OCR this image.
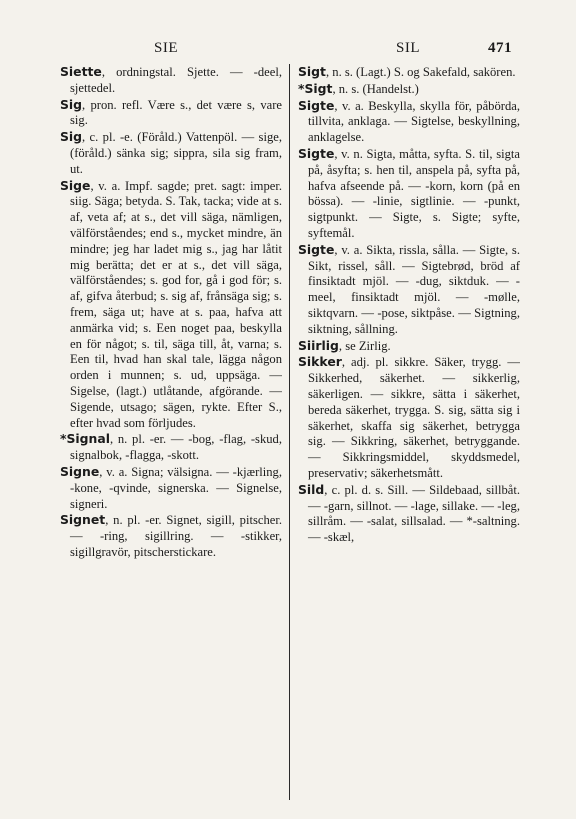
SIE	SIL	471

Siette, ordningstal. Sjette. — -deel, sjettedel.

Sig, pron. refl. Være s., det være s, vare sig.

Sig, c. pl. -e. (Föråld.) Vattenpöl. — sige, (föråld.) sänka sig; sippra, sila sig fram, ut.

Sige, v. a. Impf. sagde; pret. sagt: imper. siig. Säga; betyda. S. Tak, tacka; vide at s. af, veta af; at s., det vill säga, nämligen, välförståendes; end s., mycket mindre, än mindre; jeg har ladet mig s., jag har låtit mig berätta; det er at s., det vill säga, välförståendes; s. god for, gå i god för; s. af, gifva återbud; s. sig af, frånsäga sig; s. frem, säga ut; have at s. paa, hafva att anmärka vid; s. Een noget paa, beskylla en för något; s. til, säga till, åt, varna; s. Een til, hvad han skal tale, lägga någon orden i munnen; s. ud, uppsäga. — Sigelse, (lagt.) utlåtande, afgörande. — Sigende, utsago; sägen, rykte. Efter S., efter hvad som förljudes.

*Signal, n. pl. -er. — -bog, -flag, -skud, signalbok, -flagga, -skott.

Signe, v. a. Signa; välsigna. — -kjærling, -kone, -qvinde, signerska. — Signelse, signeri.

Signet, n. pl. -er. Signet, sigill, pitscher. — -ring, sigillring. — -stikker, sigillgravör, pitscherstickare.

Sigt, n. s. (Lagt.) S. og Sakefald, sakören.

*Sigt, n. s. (Handelst.)

Sigte, v. a. Beskylla, skylla för, påbörda, tillvita, anklaga. — Sigtelse, beskyllning, anklagelse.

Sigte, v. n. Sigta, måtta, syfta. S. til, sigta på, åsyfta; s. hen til, anspela på, syfta på, hafva afseende på. — -korn, korn (på en bössa). — -linie, sigtlinie. — -punkt, sigtpunkt. — Sigte, s. Sigte; syfte, syftemål.

Sigte, v. a. Sikta, rissla, sålla. — Sigte, s. Sikt, rissel, såll. — Sigtebrød, bröd af finsiktadt mjöl. — -dug, siktduk. — -meel, finsiktadt mjöl. — -mølle, siktqvarn. — -pose, siktpåse. — Sigtning, siktning, sållning.

Siirlig, se Zirlig.

Sikker, adj. pl. sikkre. Säker, trygg. — Sikkerhed, säkerhet. — sikkerlig, säkerligen. — sikkre, sätta i säkerhet, bereda säkerhet, trygga. S. sig, sätta sig i säkerhet, skaffa sig säkerhet, betrygga sig. — Sikkring, säkerhet, betryggande. — Sikkringsmiddel, skyddsmedel, preservativ; säkerhetsmått.

Sild, c. pl. d. s. Sill. — Sildebaad, sillbåt. — -garn, sillnot. — -lage, sillake. — -leg, sillråm. — -salat, sillsalad. — *-saltning. — -skæl,
